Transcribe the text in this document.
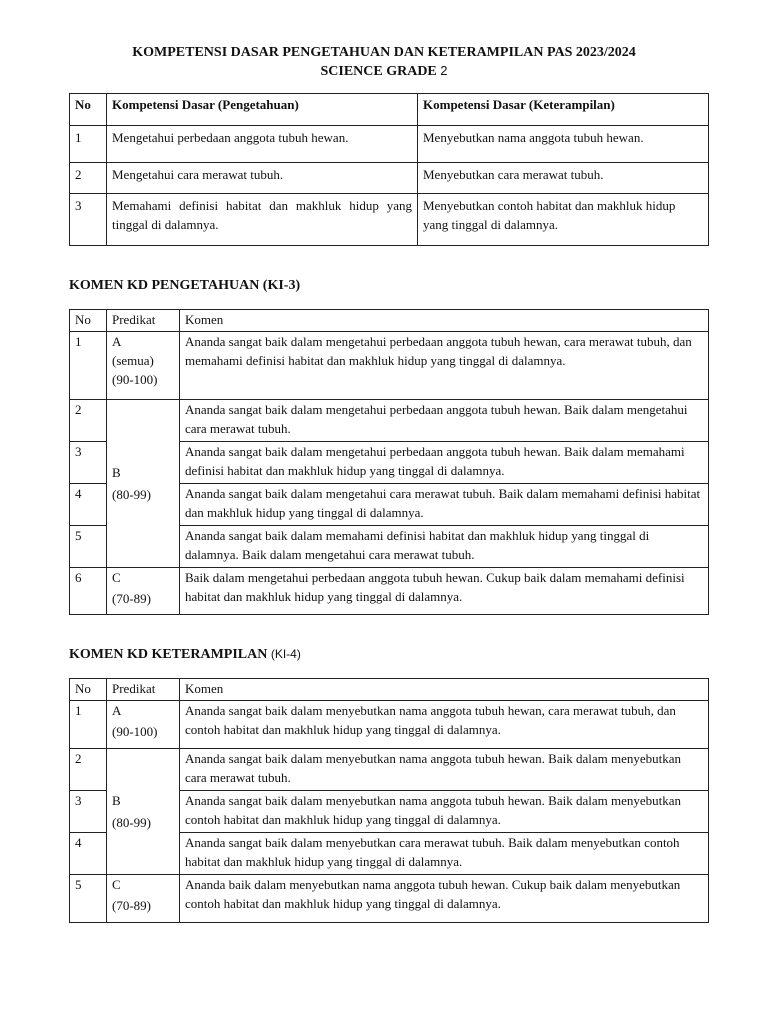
KOMPETENSI DASAR PENGETAHUAN DAN KETERAMPILAN PAS 2023/2024
SCIENCE GRADE 2
No	Kompetensi Dasar (Pengetahuan)	Kompetensi Dasar (Keterampilan)
1	Mengetahui perbedaan anggota tubuh hewan.	Menyebutkan nama anggota tubuh hewan.
2	Mengetahui cara merawat tubuh.	Menyebutkan cara merawat tubuh.
3	Memahami definisi habitat dan makhluk hidup yang tinggal di dalamnya.	Menyebutkan contoh habitat dan makhluk hidup yang tinggal di dalamnya.
KOMEN KD PENGETAHUAN (KI-3)
No	Predikat	Komen
1	A
(semua)
(90-100)	Ananda sangat baik dalam mengetahui perbedaan anggota tubuh hewan, cara merawat tubuh, dan memahami definisi habitat dan makhluk hidup yang tinggal di dalamnya.
2	B
(80-99)	Ananda sangat baik dalam mengetahui perbedaan anggota tubuh hewan. Baik dalam mengetahui cara merawat tubuh.
3		Ananda sangat baik dalam mengetahui perbedaan anggota tubuh hewan. Baik dalam memahami definisi habitat dan makhluk hidup yang tinggal di dalamnya.
4		Ananda sangat baik dalam mengetahui cara merawat tubuh. Baik dalam memahami definisi habitat dan makhluk hidup yang tinggal di dalamnya.
5		Ananda sangat baik dalam memahami definisi habitat dan makhluk hidup yang tinggal di dalamnya. Baik dalam mengetahui cara merawat tubuh.
6	C
(70-89)	Baik dalam mengetahui perbedaan anggota tubuh hewan. Cukup baik dalam memahami definisi habitat dan makhluk hidup yang tinggal di dalamnya.
KOMEN KD KETERAMPILAN (KI-4)
No	Predikat	Komen
1	A
(90-100)	Ananda sangat baik dalam menyebutkan nama anggota tubuh hewan, cara merawat tubuh, dan contoh habitat dan makhluk hidup yang tinggal di dalamnya.
2	B
(80-99)	Ananda sangat baik dalam menyebutkan nama anggota tubuh hewan. Baik dalam menyebutkan cara merawat tubuh.
3		Ananda sangat baik dalam menyebutkan nama anggota tubuh hewan. Baik dalam menyebutkan contoh habitat dan makhluk hidup yang tinggal di dalamnya.
4		Ananda sangat baik dalam menyebutkan cara merawat tubuh. Baik dalam menyebutkan contoh habitat dan makhluk hidup yang tinggal di dalamnya.
5	C
(70-89)	Ananda baik dalam menyebutkan nama anggota tubuh hewan. Cukup baik dalam menyebutkan contoh habitat dan makhluk hidup yang tinggal di dalamnya.
